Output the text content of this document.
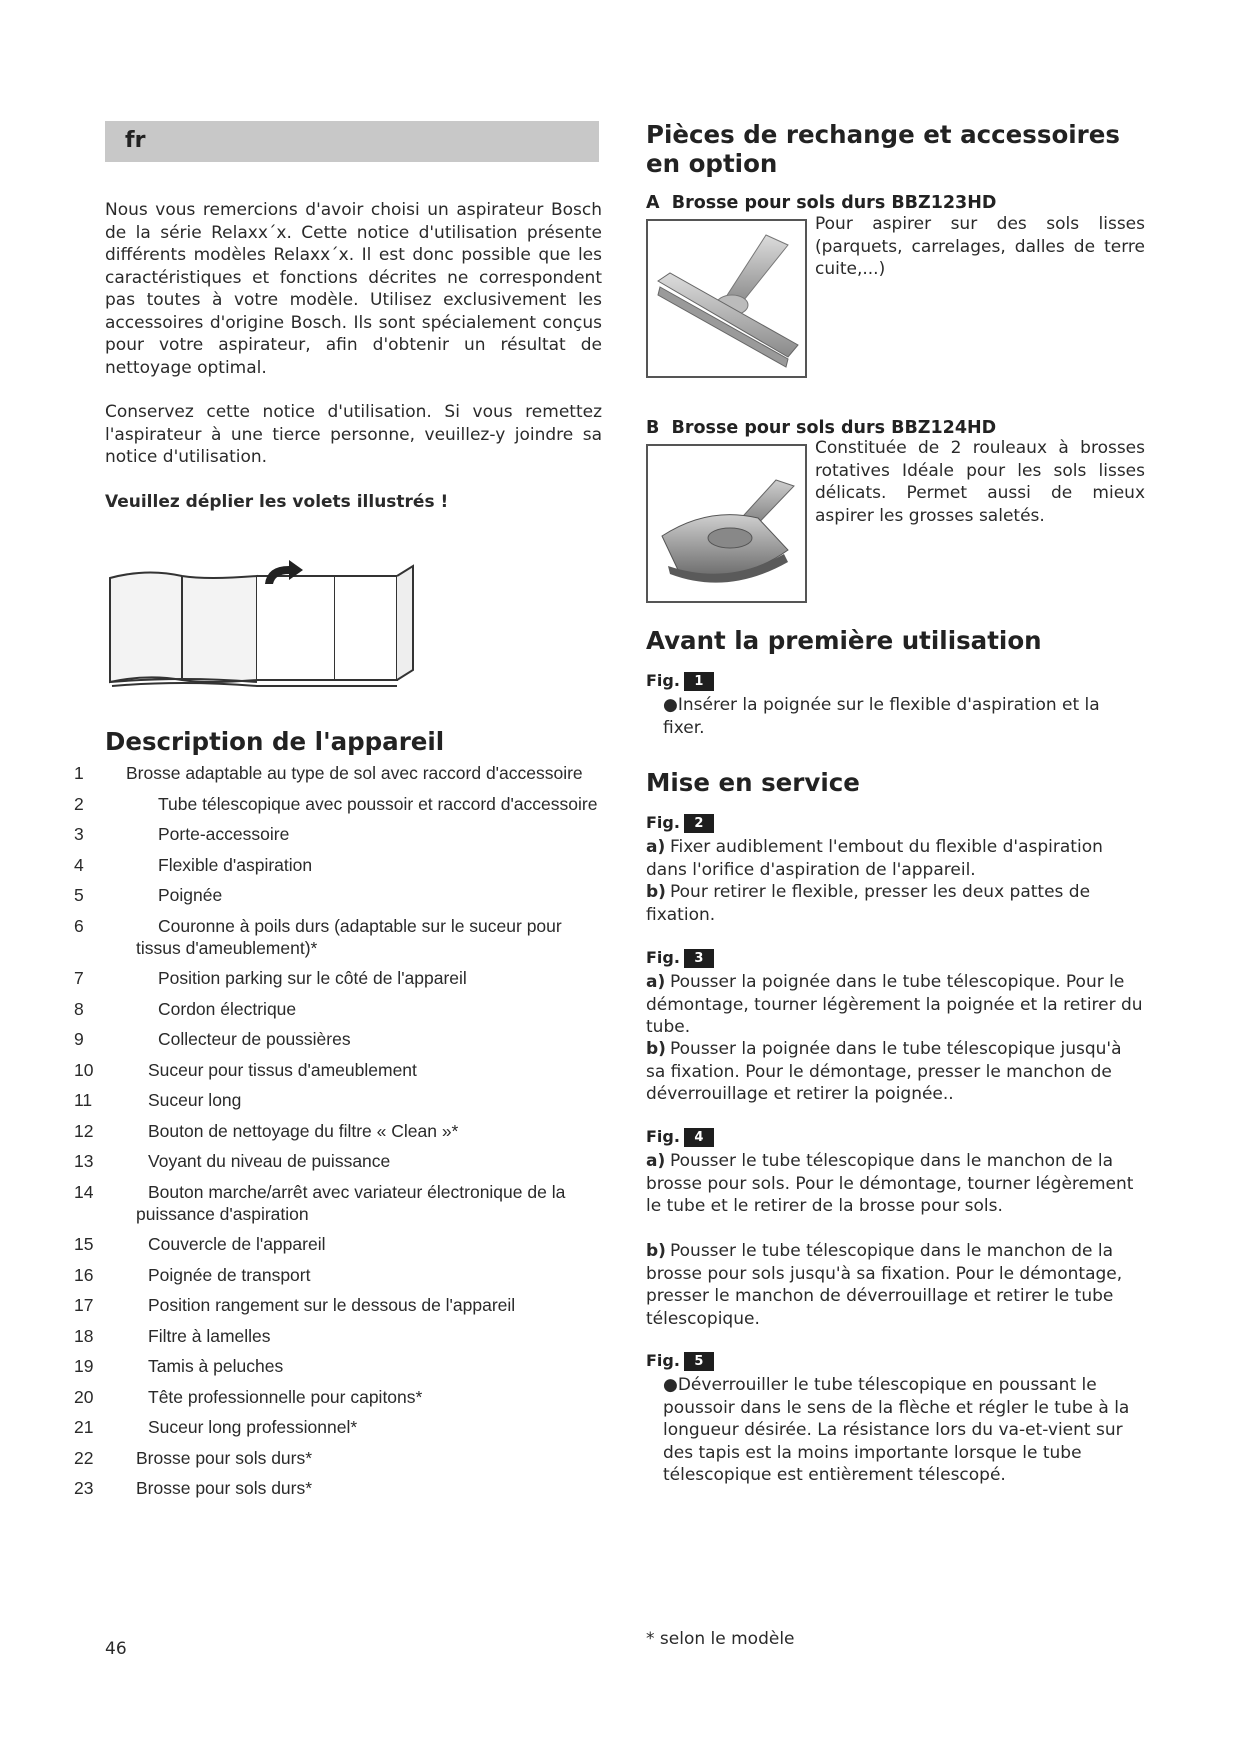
fr

Nous vous remercions d'avoir choisi un aspirateur Bosch de la série Relaxx´x. Cette notice d'utilisation présente différents modèles Relaxx´x. Il est donc possible que les caractéristiques et fonctions décrites ne correspondent pas toutes à votre modèle. Utilisez exclusivement les accessoires d'origine Bosch. Ils sont spécialement conçus pour votre aspirateur, afin d'obtenir un résultat de nettoyage optimal.

Conservez cette notice d'utilisation. Si vous remettez l'aspirateur à une tierce personne, veuillez-y joindre sa notice d'utilisation.

Veuillez déplier les volets illustrés !

Description de l'appareil
1 Brosse adaptable au type de sol avec raccord d'accessoire
2	Tube télescopique avec poussoir et raccord d'accessoire
3	Porte-accessoire
4	Flexible d'aspiration
5	Poignée
6	Couronne à poils durs (adaptable sur le suceur pour tissus d'ameublement)*
7	Position parking sur le côté de l'appareil
8	Cordon électrique
9	Collecteur de poussières
10	Suceur pour tissus d'ameublement
11	Suceur long
12	Bouton de nettoyage du filtre « Clean »*
13	Voyant du niveau de puissance
14	Bouton marche/arrêt avec variateur électronique de la puissance d'aspiration
15	Couvercle de l'appareil
16	Poignée de transport
17	Position rangement sur le dessous de l'appareil
18	Filtre à lamelles
19	Tamis à peluches
20	Tête professionnelle pour capitons*
21	Suceur long professionnel*
22 Brosse pour sols durs*
23 Brosse pour sols durs*
Pièces de rechange et accessoires en option
A Brosse pour sols durs BBZ123HD
Pour aspirer sur des sols lisses (parquets, carrelages, dalles de terre cuite,...)
B Brosse pour sols durs BBZ124HD
Constituée de 2 rouleaux à brosses rotatives Idéale pour les sols lisses délicats. Permet aussi de mieux aspirer les grosses saletés.
Avant la première utilisation
Fig. 1
●Insérer la poignée sur le flexible d'aspiration et la fixer.
Mise en service
Fig. 2
a) Fixer audiblement l'embout du flexible d'aspiration dans l'orifice d'aspiration de l'appareil.
b) Pour retirer le flexible, presser les deux pattes de fixation.
Fig. 3
a) Pousser la poignée dans le tube télescopique. Pour le démontage, tourner légèrement la poignée et la retirer du tube.
b) Pousser la poignée dans le tube télescopique jusqu'à sa fixation. Pour le démontage, presser le manchon de déverrouillage et retirer la poignée..
Fig. 4
a) Pousser le tube télescopique dans le manchon de la brosse pour sols. Pour le démontage, tourner légèrement le tube et le retirer de la brosse pour sols.
b) Pousser le tube télescopique dans le manchon de la brosse pour sols jusqu'à sa fixation. Pour le démontage, presser le manchon de déverrouillage et retirer le tube télescopique.
Fig. 5
●Déverrouiller le tube télescopique en poussant le poussoir dans le sens de la flèche et régler le tube à la longueur désirée. La résistance lors du va-et-vient sur des tapis est la moins importante lorsque le tube télescopique est entièrement télescopé.
* selon le modèle
46
